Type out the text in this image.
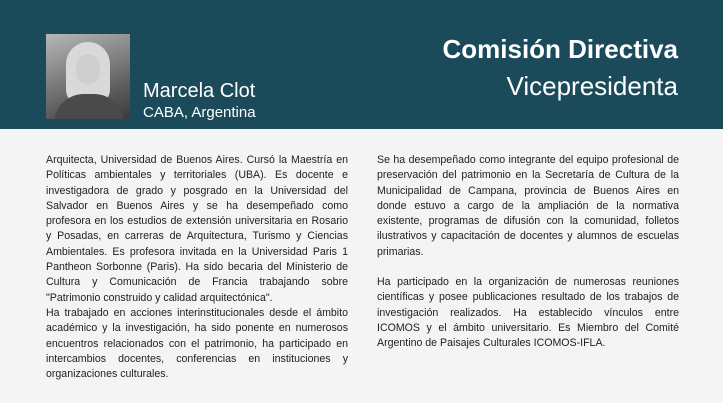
Marcela Clot
CABA, Argentina
Comisión Directiva
Vicepresidenta

Arquitecta, Universidad de Buenos Aires. Cursó la Maestría en Políticas ambientales y territoriales (UBA). Es docente e investigadora de grado y posgrado en la Universidad del Salvador en Buenos Aires y se ha desempeñado como profesora en los estudios de extensión universitaria en Rosario y Posadas, en carreras de Arquitectura, Turismo y Ciencias Ambientales. Es profesora invitada en la Universidad Paris 1 Pantheon Sorbonne (Paris). Ha sido becaria del Ministerio de Cultura y Comunicación de Francia trabajando sobre "Patrimonio construido y calidad arquitectónica".

Ha trabajado en acciones interinstitucionales desde el ámbito académico y la investigación, ha sido ponente en numerosos encuentros relacionados con el patrimonio, ha participado en intercambios docentes, conferencias en instituciones y organizaciones culturales.

Se ha desempeñado como integrante del equipo profesional de preservación del patrimonio en la Secretaría de Cultura de la Municipalidad de Campana, provincia de Buenos Aires en donde estuvo a cargo de la ampliación de la normativa existente, programas de difusión con la comunidad, folletos ilustrativos y capacitación de docentes y alumnos de escuelas primarias.

Ha participado en la organización de numerosas reuniones científicas y posee publicaciones resultado de los trabajos de investigación realizados. Ha establecido vínculos entre ICOMOS y el ámbito universitario. Es Miembro del Comité Argentino de Paisajes Culturales ICOMOS-IFLA.
